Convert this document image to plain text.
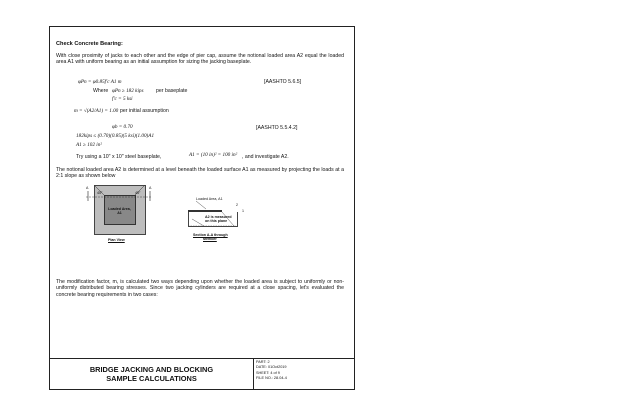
Check Concrete Bearing:
With close proximity of jacks to each other and the edge of pier cap, assume the notional loaded area A2 equal the loaded area A1 with uniform bearing as an initial assumption for sizing the jacking baseplate.
φPn = φ0.85f'c A1 m	[AASHTO 5.6.5]
Where φPn ≥ 182 kips per baseplate
f'c = 5 ksi
m = √(A2/A1) = 1.00 per initial assumption
φb = 0.70	[AASHTO 5.5.4.2]
182kips ≤ (0.70)(0.85)(5 ksi)(1.00)A1
A1 ≥ 102 in²
Try using a 10" x 10" steel baseplate,	A1 = (10 in)² = 100 in² , and investigate A2.
The notional loaded area A2 is determined at a level beneath the loaded surface A1 as measured by projecting the loads at a 2:1 slope as shown below
A	A
45°	45°
Loaded Area, A1
Plan View
Loaded Area, A1
2
1
A2 is measured
on this plane
Section A-A through
Member
The modification factor, m, is calculated two ways depending upon whether the loaded area is subject to uniformly or non-uniformly distributed bearing stresses. Since two jacking cylinders are required at a close spacing, let's evaluated the concrete bearing requirements in two cases:
BRIDGE JACKING AND BLOCKING
SAMPLE CALCULATIONS
PART: 2
DATE: 01Oct2019
SHEET: 4 of 9
FILE NO.: 28.04-4
